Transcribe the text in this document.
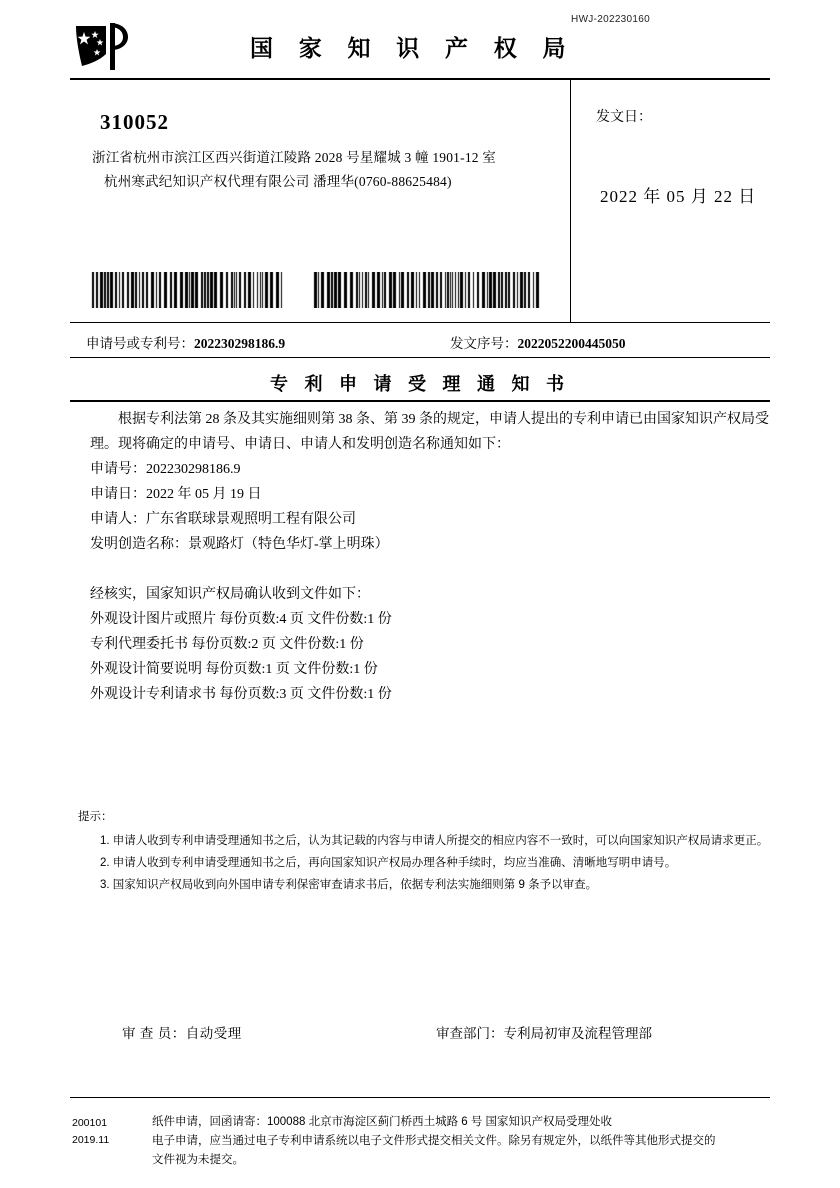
HWJ-202230160
国 家 知 识 产 权 局
310052
浙江省杭州市滨江区西兴街道江陵路 2028 号星耀城 3 幢 1901-12 室
杭州寒武纪知识产权代理有限公司 潘理华(0760-88625484)
发文日：
2022 年 05 月 22 日
申请号或专利号：202230298186.9	发文序号：2022052200445050
专 利 申 请 受 理 通 知 书

根据专利法第 28 条及其实施细则第 38 条、第 39 条的规定，申请人提出的专利申请已由国家知识产权局受理。现将确定的申请号、申请日、申请人和发明创造名称通知如下：

申请号：202230298186.9

申请日：2022 年 05 月 19 日

申请人：广东省联球景观照明工程有限公司

发明创造名称：景观路灯（特色华灯-掌上明珠）

经核实，国家知识产权局确认收到文件如下：

外观设计图片或照片 每份页数:4 页 文件份数:1 份

专利代理委托书 每份页数:2 页 文件份数:1 份

外观设计简要说明 每份页数:1 页 文件份数:1 份

外观设计专利请求书 每份页数:3 页 文件份数:1 份

提示：

1. 申请人收到专利申请受理通知书之后，认为其记载的内容与申请人所提交的相应内容不一致时，可以向国家知识产权局请求更正。

2. 申请人收到专利申请受理通知书之后，再向国家知识产权局办理各种手续时，均应当准确、清晰地写明申请号。

3. 国家知识产权局收到向外国申请专利保密审查请求书后，依据专利法实施细则第 9 条予以审查。

审 查 员：自动受理	审查部门：专利局初审及流程管理部
200101
2019.11

纸件申请，回函请寄：100088 北京市海淀区蓟门桥西土城路 6 号 国家知识产权局受理处收

电子申请，应当通过电子专利申请系统以电子文件形式提交相关文件。除另有规定外，以纸件等其他形式提交的

文件视为未提交。
